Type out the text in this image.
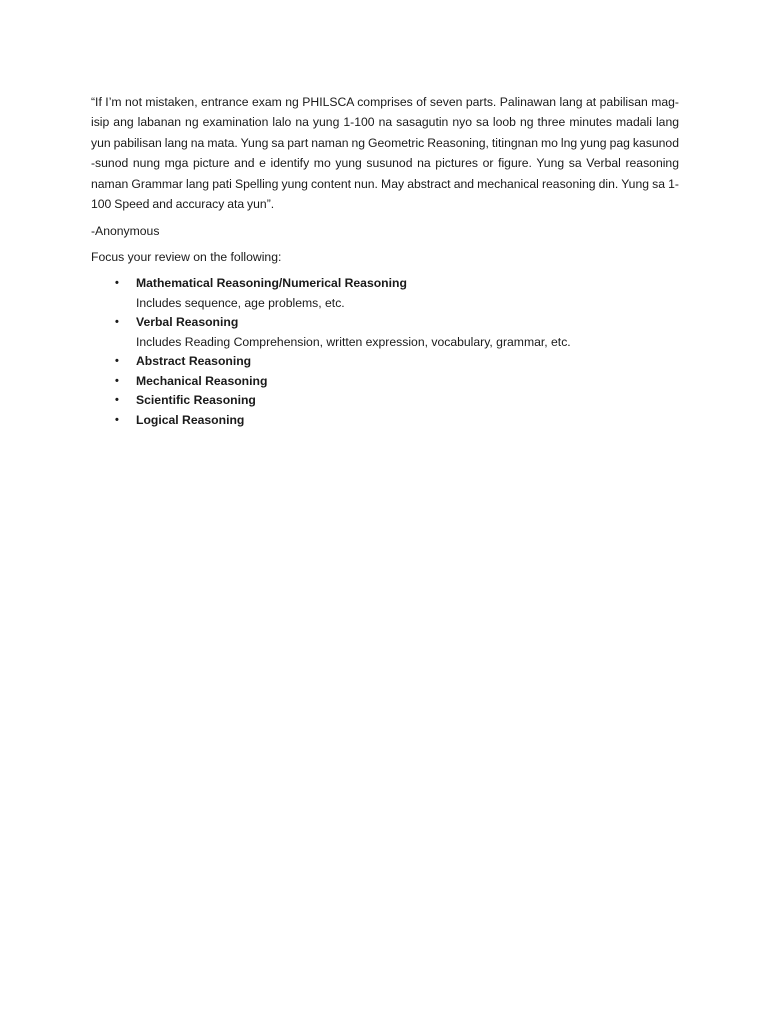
“If I’m not mistaken, entrance exam ng PHILSCA comprises of seven parts. Palinawan lang at pabilisan mag-isip ang labanan ng examination lalo na yung 1-100 na sasagutin nyo sa loob ng three minutes madali lang yun pabilisan lang na mata. Yung sa part naman ng Geometric Reasoning, titingnan mo lng yung pag kasunod -sunod nung mga picture and e identify mo yung susunod na pictures or figure. Yung sa Verbal reasoning naman Grammar lang pati Spelling yung content nun. May abstract and mechanical reasoning din. Yung sa 1-100 Speed and accuracy ata yun”.

-Anonymous

Focus your review on the following:

• Mathematical Reasoning/Numerical Reasoning
Includes sequence, age problems, etc.
• Verbal Reasoning
Includes Reading Comprehension, written expression, vocabulary, grammar, etc.
• Abstract Reasoning
• Mechanical Reasoning
• Scientific Reasoning
• Logical Reasoning
